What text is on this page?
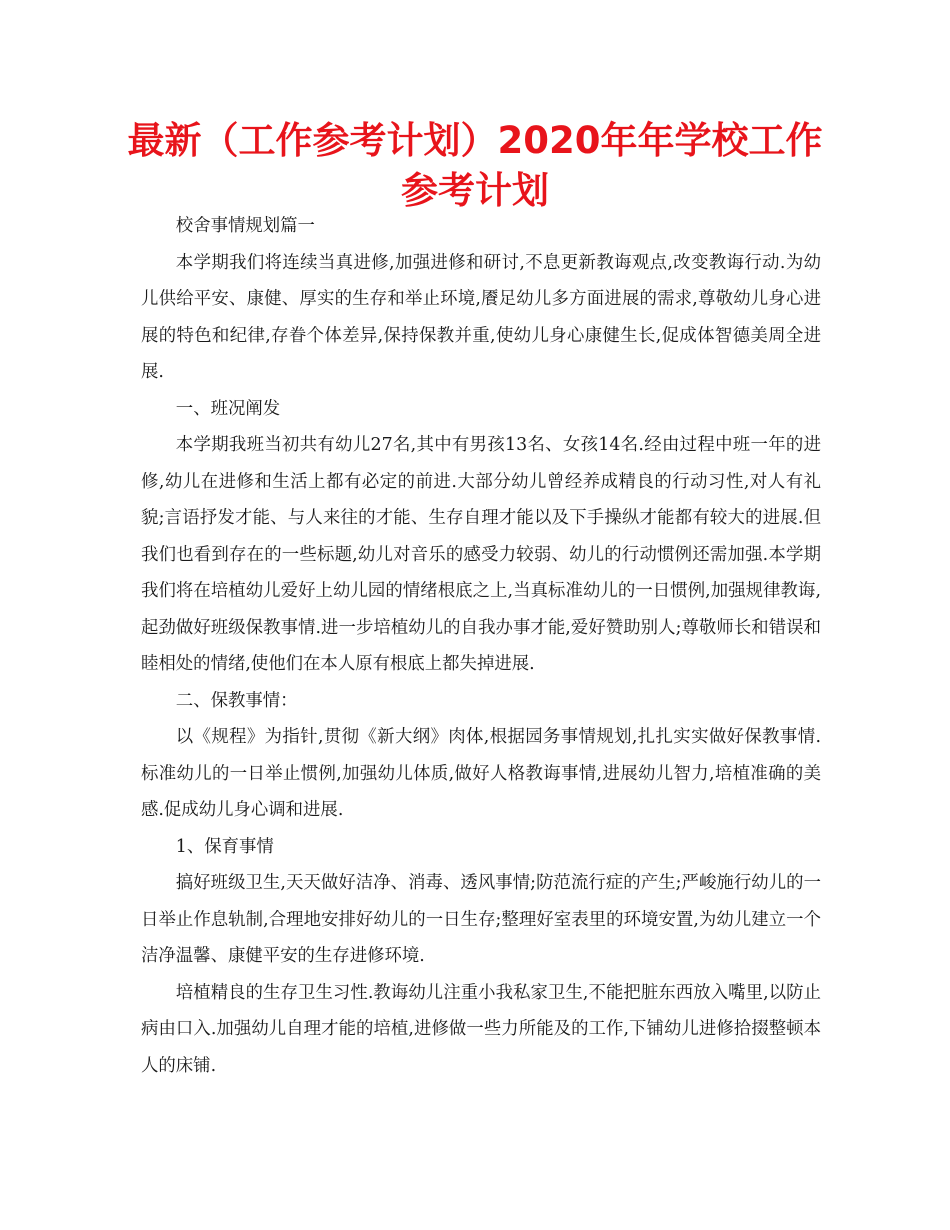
最新（工作参考计划）2020年年学校工作参考计划

校舍事情规划篇一

本学期我们将连续当真进修,加强进修和研讨,不息更新教诲观点,改变教诲行动.为幼儿供给平安、康健、厚实的生存和举止环境,餍足幼儿多方面进展的需求,尊敬幼儿身心进展的特色和纪律,存眷个体差异,保持保教并重,使幼儿身心康健生长,促成体智德美周全进展.

一、班况阐发

本学期我班当初共有幼儿27名,其中有男孩13名、女孩14名.经由过程中班一年的进修,幼儿在进修和生活上都有必定的前进.大部分幼儿曾经养成精良的行动习性,对人有礼貌;言语抒发才能、与人来往的才能、生存自理才能以及下手操纵才能都有较大的进展.但我们也看到存在的一些标题,幼儿对音乐的感受力较弱、幼儿的行动惯例还需加强.本学期我们将在培植幼儿爱好上幼儿园的情绪根底之上,当真标准幼儿的一日惯例,加强规律教诲,起劲做好班级保教事情.进一步培植幼儿的自我办事才能,爱好赞助别人;尊敬师长和错误和睦相处的情绪,使他们在本人原有根底上都失掉进展.

二、保教事情：

以《规程》为指针,贯彻《新大纲》肉体,根据园务事情规划,扎扎实实做好保教事情.标准幼儿的一日举止惯例,加强幼儿体质,做好人格教诲事情,进展幼儿智力,培植准确的美感.促成幼儿身心调和进展.

1、保育事情

搞好班级卫生,天天做好洁净、消毒、透风事情;防范流行症的产生;严峻施行幼儿的一日举止作息轨制,合理地安排好幼儿的一日生存;整理好室表里的环境安置,为幼儿建立一个洁净温馨、康健平安的生存进修环境.

培植精良的生存卫生习性.教诲幼儿注重小我私家卫生,不能把脏东西放入嘴里,以防止病由口入.加强幼儿自理才能的培植,进修做一些力所能及的工作,下铺幼儿进修拾掇整顿本人的床铺.
